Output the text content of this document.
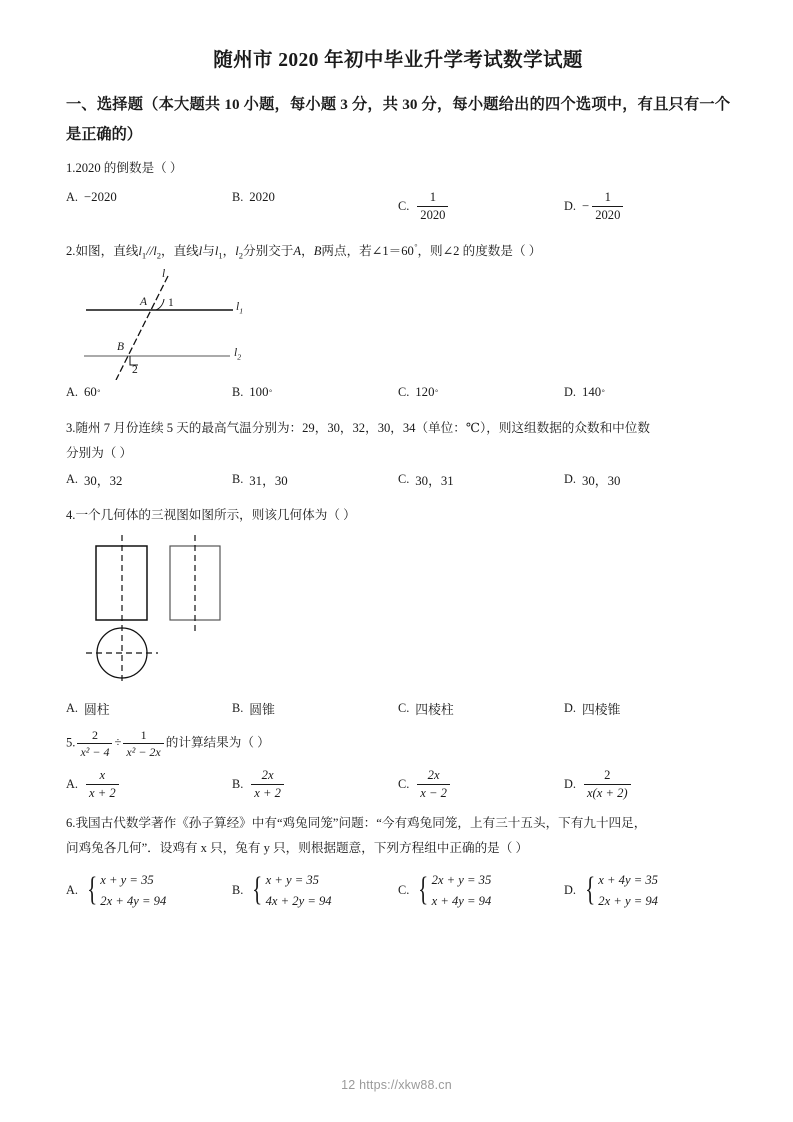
随州市 2020 年初中毕业升学考试数学试题
一、选择题（本大题共 10 小题，每小题 3 分，共 30 分，每小题给出的四个选项中，有且只有一个是正确的）

1.2020 的倒数是（ ）

A. −2020	B. 2020
C. $\frac{1}{2020}$	D. − $\frac{1}{2020}$

2.如图，直线$l_1//l_2$，直线l与$l_1$，$l_2$分别交于A，B两点，若∠1＝60°，则∠2 的度数是（ ）

l
$l_1$
$l_2$
A
B
1
2
A. 60 °	B. 100 °	C. 120 °	D. 140 °

3.随州 7 月份连续 5 天的最高气温分别为：29，30，32，30，34（单位：℃），则这组数据的众数和中位数

分别为（ ）

A. 30，32	B. 31，30	C. 30，31	D. 30，30

4.一个几何体的三视图如图所示，则该几何体为（ ）

A. 圆柱	B. 圆锥	C. 四棱柱	D. 四棱锥

5. $\frac{2}{\text{x² − 4}} \div \frac{1}{\text{x² − 2x}}$ 的计算结果为（ ）

A. $\frac{x}{x + 2}$	B. $\frac{2x}{x + 2}$	C. $\frac{2x}{x - 2}$	D. $\frac{2}{x(x + 2)}$

6.我国古代数学著作《孙子算经》中有“鸡兔同笼”问题：“今有鸡兔同笼，上有三十五头，下有九十四足，

问鸡兔各几何”．设鸡有 x 只，兔有 y 只，则根据题意，下列方程组中正确的是（ ）

A. { x + y = 35
2x + 4y = 94
B. { x + y = 35
4x + 2y = 94
C. { 2x + y = 35
x + 4y = 94
D. { x + 4y = 35
2x + y = 94
12 https://xkw88.cn
